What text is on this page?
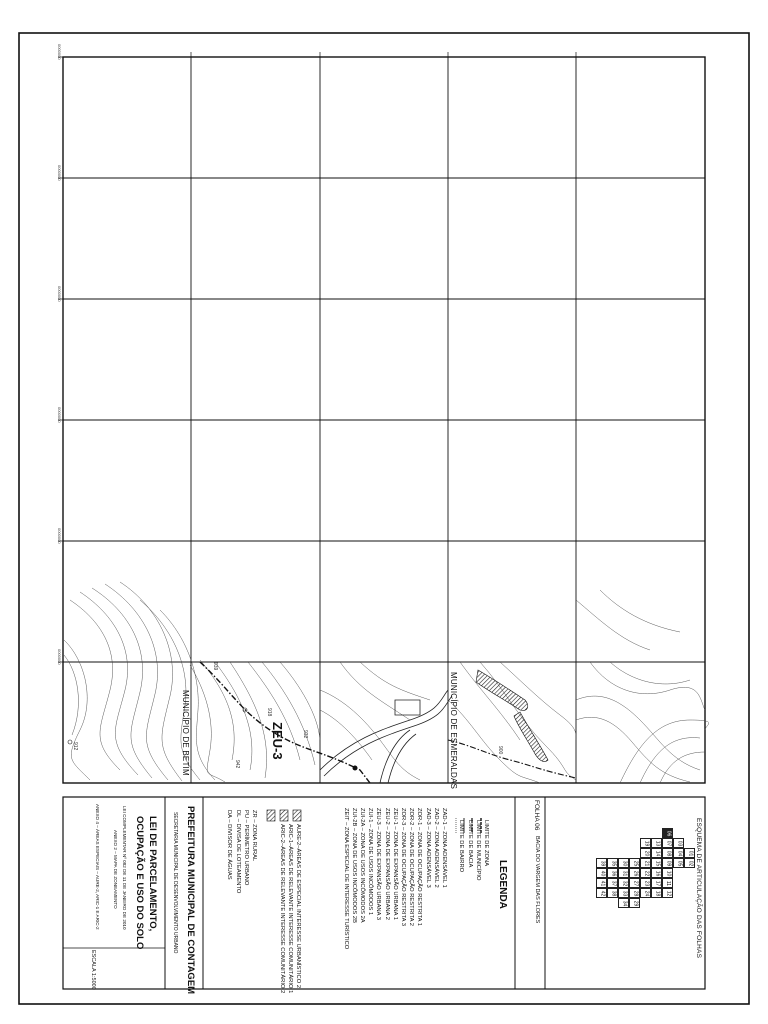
0000000
0000000
0000000
0000000
0000000
0000000
MUNICÍPIO DE BETIM	MUNICÍPIO DE ESMERALDAS
ZEU-3
912	900
939
918
942
932
ESQUEMA DE ARTICULAÇÃO DAS FOLHAS
01
02
03
04
05
06
07
08
09
10
11
12
13
14
15
16
17
18
19
20
21
22
23
24
25
26
27
28
29
30
31
32
33
34
35
36
37
38
39
40
41
42
FOLHA 06
BACIA DO VARGEM DAS FLORES
LEGENDA
LIMITE DE ZONA
LIMITE DE MUNICÍPIO
LIMITE DE BACIA
LIMITE DE BAIRRO
ZAD-1 – ZONA ADENSÁVEL 1
ZAD-2 – ZONA ADENSÁVEL 2
ZAD-3 – ZONA ADENSÁVEL 3
ZOR-1 – ZONA DE OCUPAÇÃO RESTRITA 1
ZOR-2 – ZONA DE OCUPAÇÃO RESTRITA 2
ZOR-3 – ZONA DE OCUPAÇÃO RESTRITA 3
ZEU-1 – ZONA DE EXPANSÃO URBANA 1
ZEU-2 – ZONA DE EXPANSÃO URBANA 2
ZEU-3 – ZONA DE EXPANSÃO URBANA 3
ZUI-1 – ZONA DE USOS INCÔMODOS 1
ZUI-2A – ZONA DE USOS INCÔMODOS 2A
ZUI-2B – ZONA DE USOS INCÔMODOS 2B
ZEIT – ZONA ESPECIAL DE INTERESSE TURÍSTICO
AURE-2–ÁREAS DE ESPECIAL INTERESSE URBANÍSTICO 2
ARIC-1–ÁREAS DE RELEVANTE INTERESSE COMUNITÁRIO 1
ARIC-2–ÁREAS DE RELEVANTE INTERESSE COMUNITÁRIO 2
ZR – ZONA RURAL
PU – PERÍMETRO URBANO
DL – DIVISA DE LOTEAMENTO
DA – DIVISOR DE ÁGUAS
PREFEITURA MUNICIPAL DE CONTAGEM
SECRETARIA MUNICIPAL DE DESENVOLVIMENTO URBANO
LEI DE PARCELAMENTO,
OCUPAÇÃO E USO DO SOLO
LEI COMPLEMENTAR Nº 082 DE 11 DE JANEIRO DE 2010
ANEXO 2 – MAPA DE ZONEAMENTO
ANEXO 4 – ÁREAS ESPECIAIS – AURE-2, ARIC-1 E ARIC-2
ESCALA 1:5000
